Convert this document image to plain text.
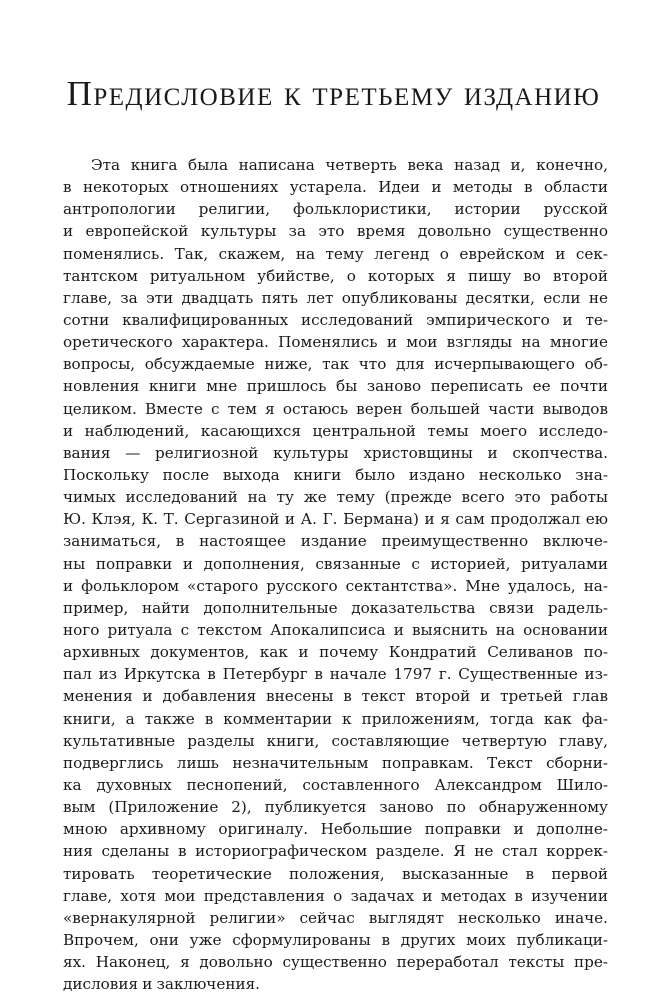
Предисловие к третьему изданию
Эта книга была написана четверть века назад и, конечно,
в некоторых отношениях устарела. Идеи и методы в области
антропологии религии, фольклористики, истории русской
и европейской культуры за это время довольно существенно
поменялись. Так, скажем, на тему легенд о еврейском и сек-
тантском ритуальном убийстве, о которых я пишу во второй
главе, за эти двадцать пять лет опубликованы десятки, если не
сотни квалифицированных исследований эмпирического и те-
оретического характера. Поменялись и мои взгляды на многие
вопросы, обсуждаемые ниже, так что для исчерпывающего об-
новления книги мне пришлось бы заново переписать ее почти
целиком. Вместе с тем я остаюсь верен большей части выводов
и наблюдений, касающихся центральной темы моего исследо-
вания — религиозной культуры христовщины и скопчества.
Поскольку после выхода книги было издано несколько зна-
чимых исследований на ту же тему (прежде всего это работы
Ю. Клэя, К. Т. Сергазиной и А. Г. Бермана) и я сам продолжал ею
заниматься, в настоящее издание преимущественно включе-
ны поправки и дополнения, связанные с историей, ритуалами
и фольклором «старого русского сектантства». Мне удалось, на-
пример, найти дополнительные доказательства связи радель-
ного ритуала с текстом Апокалипсиса и выяснить на основании
архивных документов, как и почему Кондратий Селиванов по-
пал из Иркутска в Петербург в начале 1797 г. Существенные из-
менения и добавления внесены в текст второй и третьей глав
книги, а также в комментарии к приложениям, тогда как фа-
культативные разделы книги, составляющие четвертую главу,
подверглись лишь незначительным поправкам. Текст сборни-
ка духовных песнопений, составленного Александром Шило-
вым (Приложение 2), публикуется заново по обнаруженному
мною архивному оригиналу. Небольшие поправки и дополне-
ния сделаны в историографическом разделе. Я не стал коррек-
тировать теоретические положения, высказанные в первой
главе, хотя мои представления о задачах и методах в изучении
«вернакулярной религии» сейчас выглядят несколько иначе.
Впрочем, они уже сформулированы в других моих публикаци-
ях. Наконец, я довольно существенно переработал тексты пре-
дисловия и заключения.
